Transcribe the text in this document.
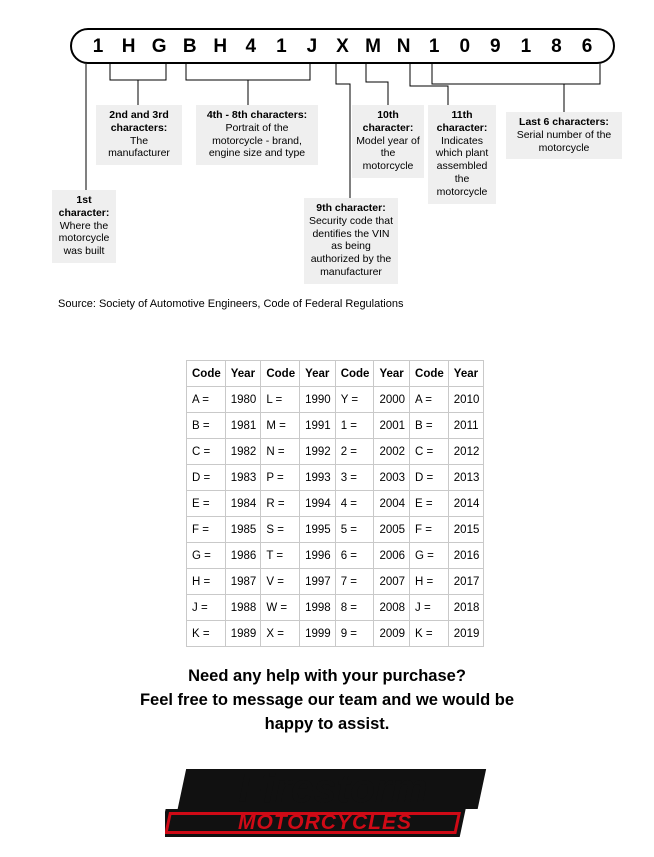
1 H G B H 4	1	J X M N 1	0	9	1	8	6
1st character:
Where the motorcycle was built
2nd and 3rd characters:
The manufacturer
4th - 8th characters:
Portrait of the motorcycle - brand, engine size and type
9th character:
Security code that dentifies the VIN as being authorized by the manufacturer
10th character:
Model year of the motorcycle
11th character:
Indicates which plant assembled the motorcycle
Last 6 characters:
Serial number of the motorcycle
Source: Society of Automotive Engineers, Code of Federal Regulations
Code	Year	Code	Year	Code	Year	Code	Year
A =	1980	L =	1990	Y =	2000	A =	2010
B =	1981	M =	1991	1 =	2001	B =	2011
C =	1982	N =	1992	2 =	2002	C =	2012
D =	1983	P =	1993	3 =	2003	D =	2013
E =	1984	R =	1994	4 =	2004	E =	2014
F =	1985	S =	1995	5 =	2005	F =	2015
G =	1986	T =	1996	6 =	2006	G =	2016
H =	1987	V =	1997	7 =	2007	H =	2017
J =	1988	W =	1998	8 =	2008	J =	2018
K =	1989	X =	1999	9 =	2009	K =	2019
Need any help with your purchase?
Feel free to message our team and we would be
happy to assist.
Firestorm
MOTORCYCLES
